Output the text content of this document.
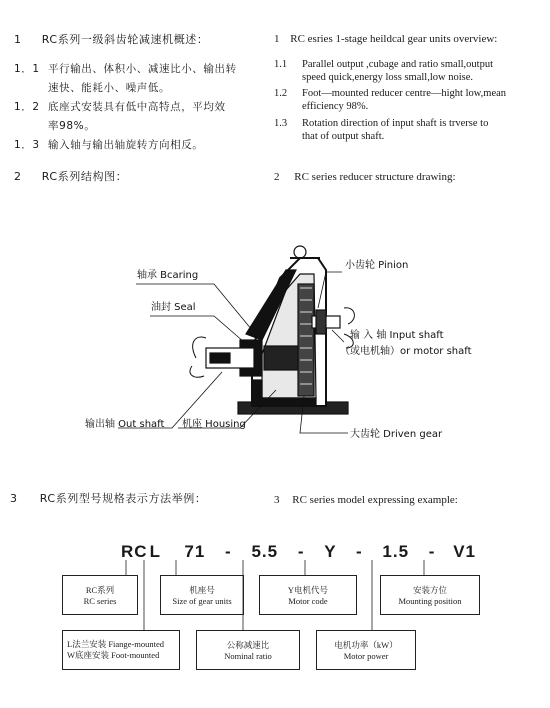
1 RC系列一级斜齿轮减速机概述：	1 RC esries 1-stage heildcal gear units overview:
1．1 平行输出、体积小、减速比小、输出转
速快、能耗小、噪声低。
1．2 底座式安装具有低中高特点，平均效
率98%。
1．3 输入轴与输出轴旋转方向相反。
1.1 Parallel output ,cubage and ratio small,output
speed quick,energy loss small,low noise.
1.2 Foot—mounted reducer centre—hight low,mean
efficiency 98%.
1.3 Rotation direction of input shaft is trverse to
that of output shaft.
2 RC系列结构图：	2 RC series reducer structure drawing:
轴承 Bcaring
油封 Seal
输出轴 Out shaft 机座 Housing
小齿轮 Pinion
输 入 轴 Input shaft
（或电机轴）or motor shaft
大齿轮 Driven gear
3 RC系列型号规格表示方法举例：	3 RC series model expressing example:
RC L 71 - 5.5 - Y - 1.5 - V1
RC系列
RC series
机座号
Size of gear units
Y电机代号
Motor code
安装方位
Mounting position
L法兰安装 Fiange-mounted
W底座安装 Foot-mounted
公称减速比
Nominal ratio
电机功率（kW）
Motor power
